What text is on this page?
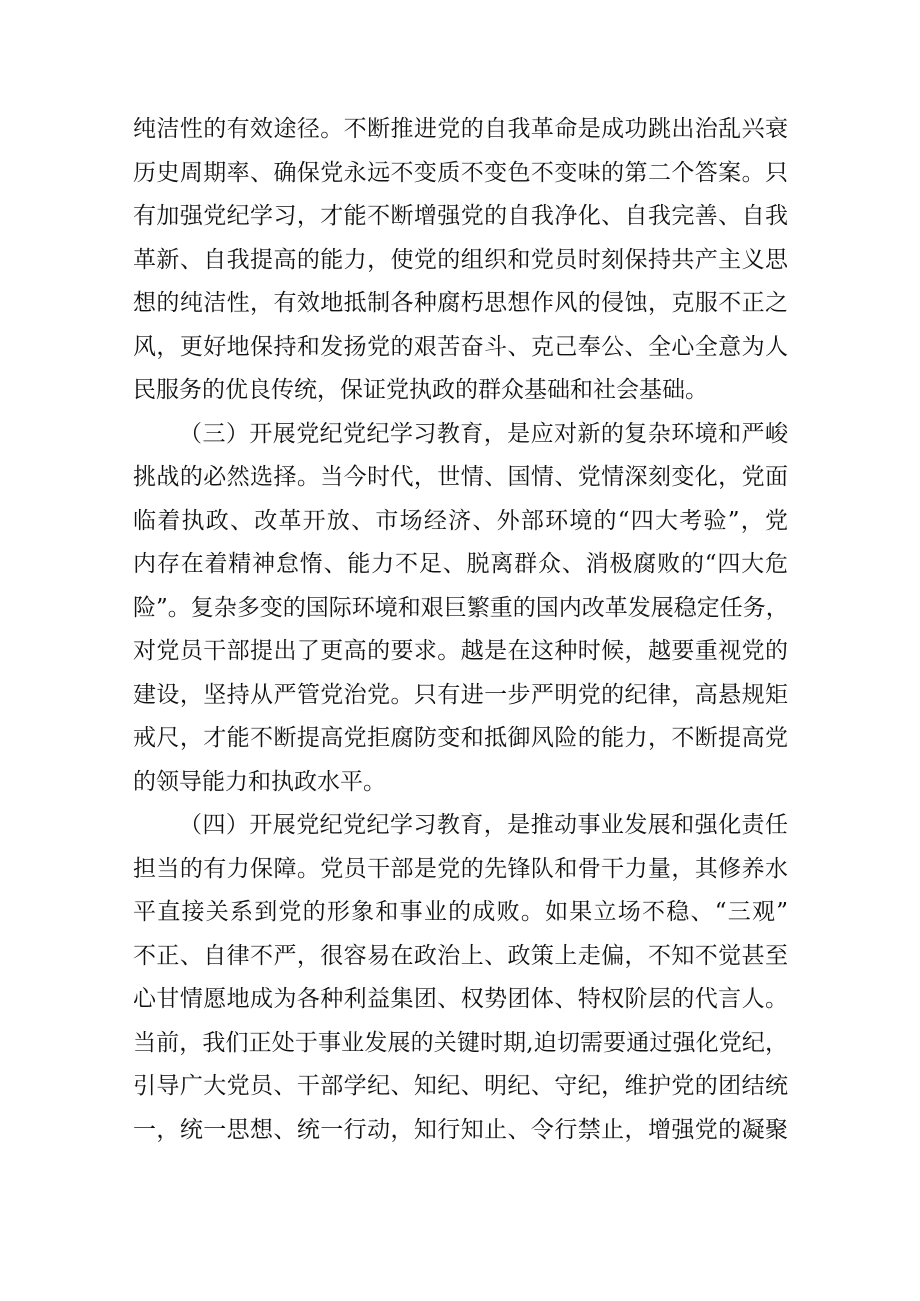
纯洁性的有效途径。不断推进党的自我革命是成功跳出治乱兴衰
历史周期率、确保党永远不变质不变色不变味的第二个答案。只
有加强党纪学习，才能不断增强党的自我净化、自我完善、自我
革新、自我提高的能力，使党的组织和党员时刻保持共产主义思
想的纯洁性，有效地抵制各种腐朽思想作风的侵蚀，克服不正之
风，更好地保持和发扬党的艰苦奋斗、克己奉公、全心全意为人
民服务的优良传统，保证党执政的群众基础和社会基础。
（三）开展党纪党纪学习教育，是应对新的复杂环境和严峻
挑战的必然选择。当今时代，世情、国情、党情深刻变化，党面
临着执政、改革开放、市场经济、外部环境的“四大考验”，党
内存在着精神怠惰、能力不足、脱离群众、消极腐败的“四大危
险”。复杂多变的国际环境和艰巨繁重的国内改革发展稳定任务，
对党员干部提出了更高的要求。越是在这种时候，越要重视党的
建设，坚持从严管党治党。只有进一步严明党的纪律，高悬规矩
戒尺，才能不断提高党拒腐防变和抵御风险的能力，不断提高党
的领导能力和执政水平。
（四）开展党纪党纪学习教育，是推动事业发展和强化责任
担当的有力保障。党员干部是党的先锋队和骨干力量，其修养水
平直接关系到党的形象和事业的成败。如果立场不稳、“三观”
不正、自律不严，很容易在政治上、政策上走偏，不知不觉甚至
心甘情愿地成为各种利益集团、权势团体、特权阶层的代言人。
当前，我们正处于事业发展的关键时期,迫切需要通过强化党纪，
引导广大党员、干部学纪、知纪、明纪、守纪，维护党的团结统
一，统一思想、统一行动，知行知止、令行禁止，增强党的凝聚
